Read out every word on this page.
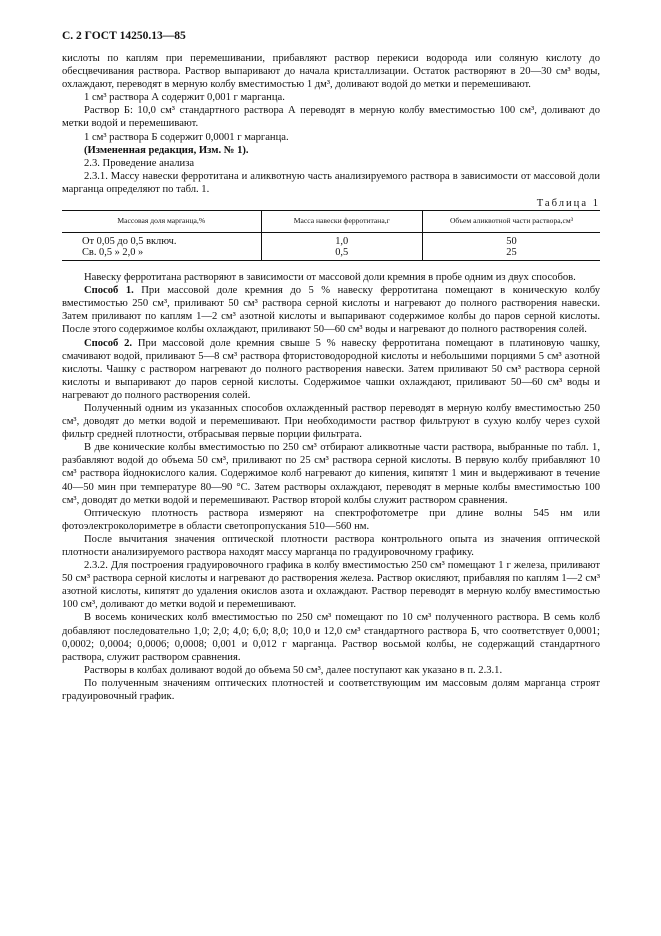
С. 2 ГОСТ 14250.13—85

кислоты по каплям при перемешивании, прибавляют раствор перекиси водорода или соляную кислоту до обесцвечивания раствора. Раствор выпаривают до начала кристаллизации. Остаток растворяют в 20—30 см³ воды, охлаждают, переводят в мерную колбу вместимостью 1 дм³, доливают водой до метки и перемешивают.

1 см³ раствора А содержит 0,001 г марганца.

Раствор Б: 10,0 см³ стандартного раствора А переводят в мерную колбу вместимостью 100 см³, доливают до метки водой и перемешивают.

1 см³ раствора Б содержит 0,0001 г марганца.

(Измененная редакция, Изм. № 1).

2.3. Проведение анализа

2.3.1. Массу навески ферротитана и аликвотную часть анализируемого раствора в зависимости от массовой доли марганца определяют по табл. 1.

Таблица 1
Массовая доля марганца,%	Масса навески ферротитана,г	Объем аликвотной части раствора,см³
От 0,05 до 0,5 включ.	1,0	50
Св. 0,5 » 2,0 »	0,5	25

Навеску ферротитана растворяют в зависимости от массовой доли кремния в пробе одним из двух способов.

Способ 1. При массовой доле кремния до 5 % навеску ферротитана помещают в коническую колбу вместимостью 250 см³, приливают 50 см³ раствора серной кислоты и нагревают до полного растворения навески. Затем приливают по каплям 1—2 см³ азотной кислоты и выпаривают содержимое колбы до паров серной кислоты. После этого содержимое колбы охлаждают, приливают 50—60 см³ воды и нагревают до полного растворения солей.

Способ 2. При массовой доле кремния свыше 5 % навеску ферротитана помещают в платиновую чашку, смачивают водой, приливают 5—8 см³ раствора фтористоводородной кислоты и небольшими порциями 5 см³ азотной кислоты. Чашку с раствором нагревают до полного растворения навески. Затем приливают 50 см³ раствора серной кислоты и выпаривают до паров серной кислоты. Содержимое чашки охлаждают, приливают 50—60 см³ воды и нагревают до полного растворения солей.

Полученный одним из указанных способов охлажденный раствор переводят в мерную колбу вместимостью 250 см³, доводят до метки водой и перемешивают. При необходимости раствор фильтруют в сухую колбу через сухой фильтр средней плотности, отбрасывая первые порции фильтрата.

В две конические колбы вместимостью по 250 см³ отбирают аликвотные части раствора, выбранные по табл. 1, разбавляют водой до объема 50 см³, приливают по 25 см³ раствора серной кислоты. В первую колбу прибавляют 10 см³ раствора йоднокислого калия. Содержимое колб нагревают до кипения, кипятят 1 мин и выдерживают в течение 40—50 мин при температуре 80—90 °С. Затем растворы охлаждают, переводят в мерные колбы вместимостью 100 см³, доводят до метки водой и перемешивают. Раствор второй колбы служит раствором сравнения.

Оптическую плотность раствора измеряют на спектрофотометре при длине волны 545 нм или фотоэлектроколориметре в области светопропускания 510—560 нм.

После вычитания значения оптической плотности раствора контрольного опыта из значения оптической плотности анализируемого раствора находят массу марганца по градуировочному графику.

2.3.2. Для построения градуировочного графика в колбу вместимостью 250 см³ помещают 1 г железа, приливают 50 см³ раствора серной кислоты и нагревают до растворения железа. Раствор окисляют, прибавляя по каплям 1—2 см³ азотной кислоты, кипятят до удаления окислов азота и охлаждают. Раствор переводят в мерную колбу вместимостью 100 см³, доливают до метки водой и перемешивают.

В восемь конических колб вместимостью по 250 см³ помещают по 10 см³ полученного раствора. В семь колб добавляют последовательно 1,0; 2,0; 4,0; 6,0; 8,0; 10,0 и 12,0 см³ стандартного раствора Б, что соответствует 0,0001; 0,0002; 0,0004; 0,0006; 0,0008; 0,001 и 0,012 г марганца. Раствор восьмой колбы, не содержащий стандартного раствора, служит раствором сравнения.

Растворы в колбах доливают водой до объема 50 см³, далее поступают как указано в п. 2.3.1.

По полученным значениям оптических плотностей и соответствующим им массовым долям марганца строят градуировочный график.
